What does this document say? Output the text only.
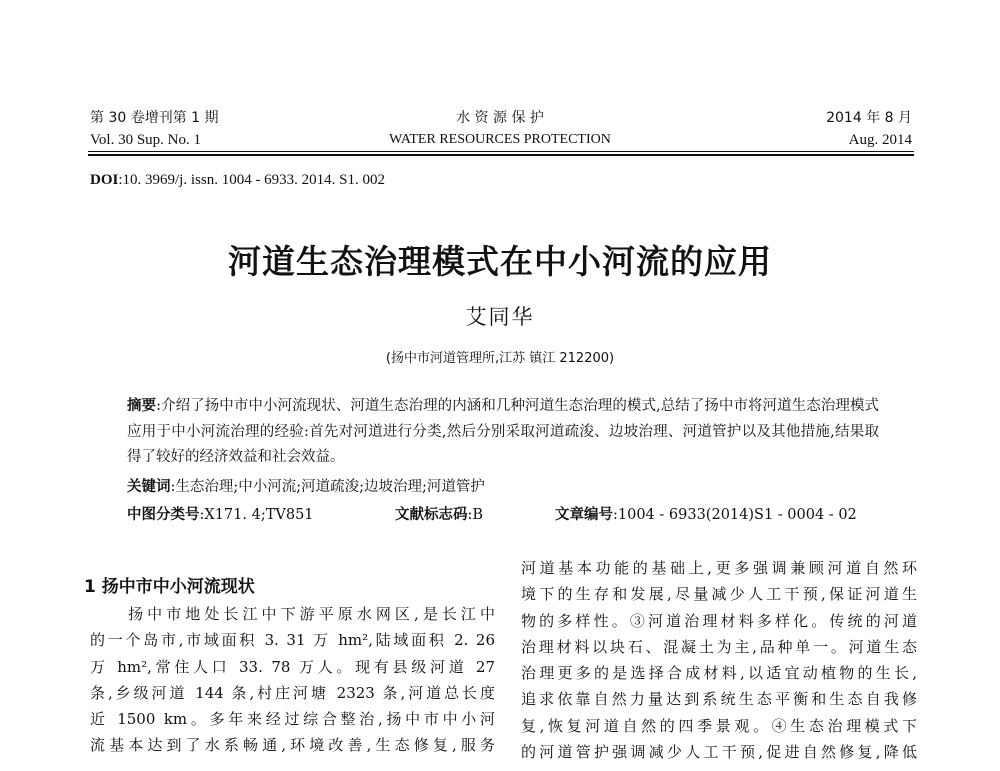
第 30 卷增刊第 1 期
Vol. 30 Sup. No. 1
水 资 源 保 护
WATER RESOURCES PROTECTION
2014 年 8 月
Aug. 2014
DOI:10. 3969/j. issn. 1004 - 6933. 2014. S1. 002
河道生态治理模式在中小河流的应用
艾同华
(扬中市河道管理所,江苏 镇江 212200)
摘要:介绍了扬中市中小河流现状、河道生态治理的内涵和几种河道生态治理的模式,总结了扬中市将河道生态治理模式应用于中小河流治理的经验:首先对河道进行分类,然后分别采取河道疏浚、边坡治理、河道管护以及其他措施,结果取得了较好的经济效益和社会效益。
关键词:生态治理;中小河流;河道疏浚;边坡治理;河道管护
中图分类号:X171. 4;TV851	文献标志码:B	文章编号:1004 - 6933(2014)S1 - 0004 - 02
1 扬中市中小河流现状
　　扬中市地处长江中下游平原水网区,是长江中
的一个岛市,市域面积 3. 31 万 hm²,陆域面积 2. 26
万 hm²,常住人口 33. 78 万人。现有县级河道 27
条,乡级河道 144 条,村庄河塘 2323 条,河道总长度
近 1500 km。多年来经过综合整治,扬中市中小河
流基本达到了水系畅通,环境改善,生态修复,服务
河道基本功能的基础上,更多强调兼顾河道自然环
境下的生存和发展,尽量减少人工干预,保证河道生
物的多样性。③河道治理材料多样化。传统的河道
治理材料以块石、混凝土为主,品种单一。河道生态
治理更多的是选择合成材料,以适宜动植物的生长,
追求依靠自然力量达到系统生态平衡和生态自我修
复,恢复河道自然的四季景观。④生态治理模式下
的河道管护强调减少人工干预,促进自然修复,降低
